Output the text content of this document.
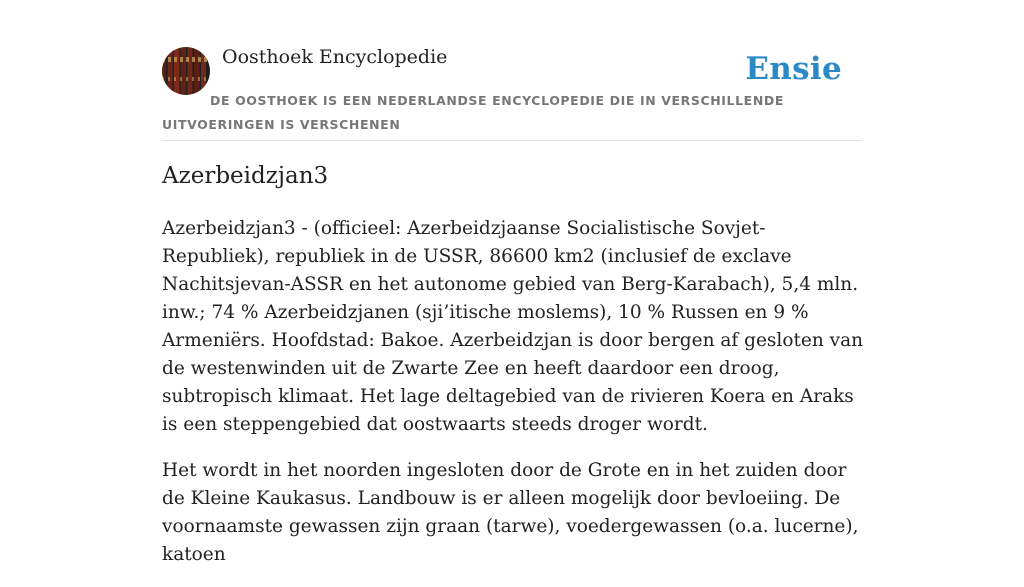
Oosthoek Encyclopedie	Ensie
DE OOSTHOEK IS EEN NEDERLANDSE ENCYCLOPEDIE DIE IN VERSCHILLENDE UITVOERINGEN IS VERSCHENEN
Azerbeidzjan3

Azerbeidzjan3 - (officieel: Azerbeidzjaanse Socialistische Sovjet-Republiek), republiek in de USSR, 86600 km2 (inclusief de exclave Nachitsjevan-ASSR en het autonome gebied van Berg-Karabach), 5,4 mln. inw.; 74 % Azerbeidzjanen (sji’itische moslems), 10 % Russen en 9 % Armeniërs. Hoofdstad: Bakoe. Azerbeidzjan is door bergen af gesloten van de westenwinden uit de Zwarte Zee en heeft daardoor een droog, subtropisch klimaat. Het lage deltagebied van de rivieren Koera en Araks is een steppengebied dat oostwaarts steeds droger wordt.

Het wordt in het noorden ingesloten door de Grote en in het zuiden door de Kleine Kaukasus. Landbouw is er alleen mogelijk door bevloeiing. De voornaamste gewassen zijn graan (tarwe), voedergewassen (o.a. lucerne), katoen
